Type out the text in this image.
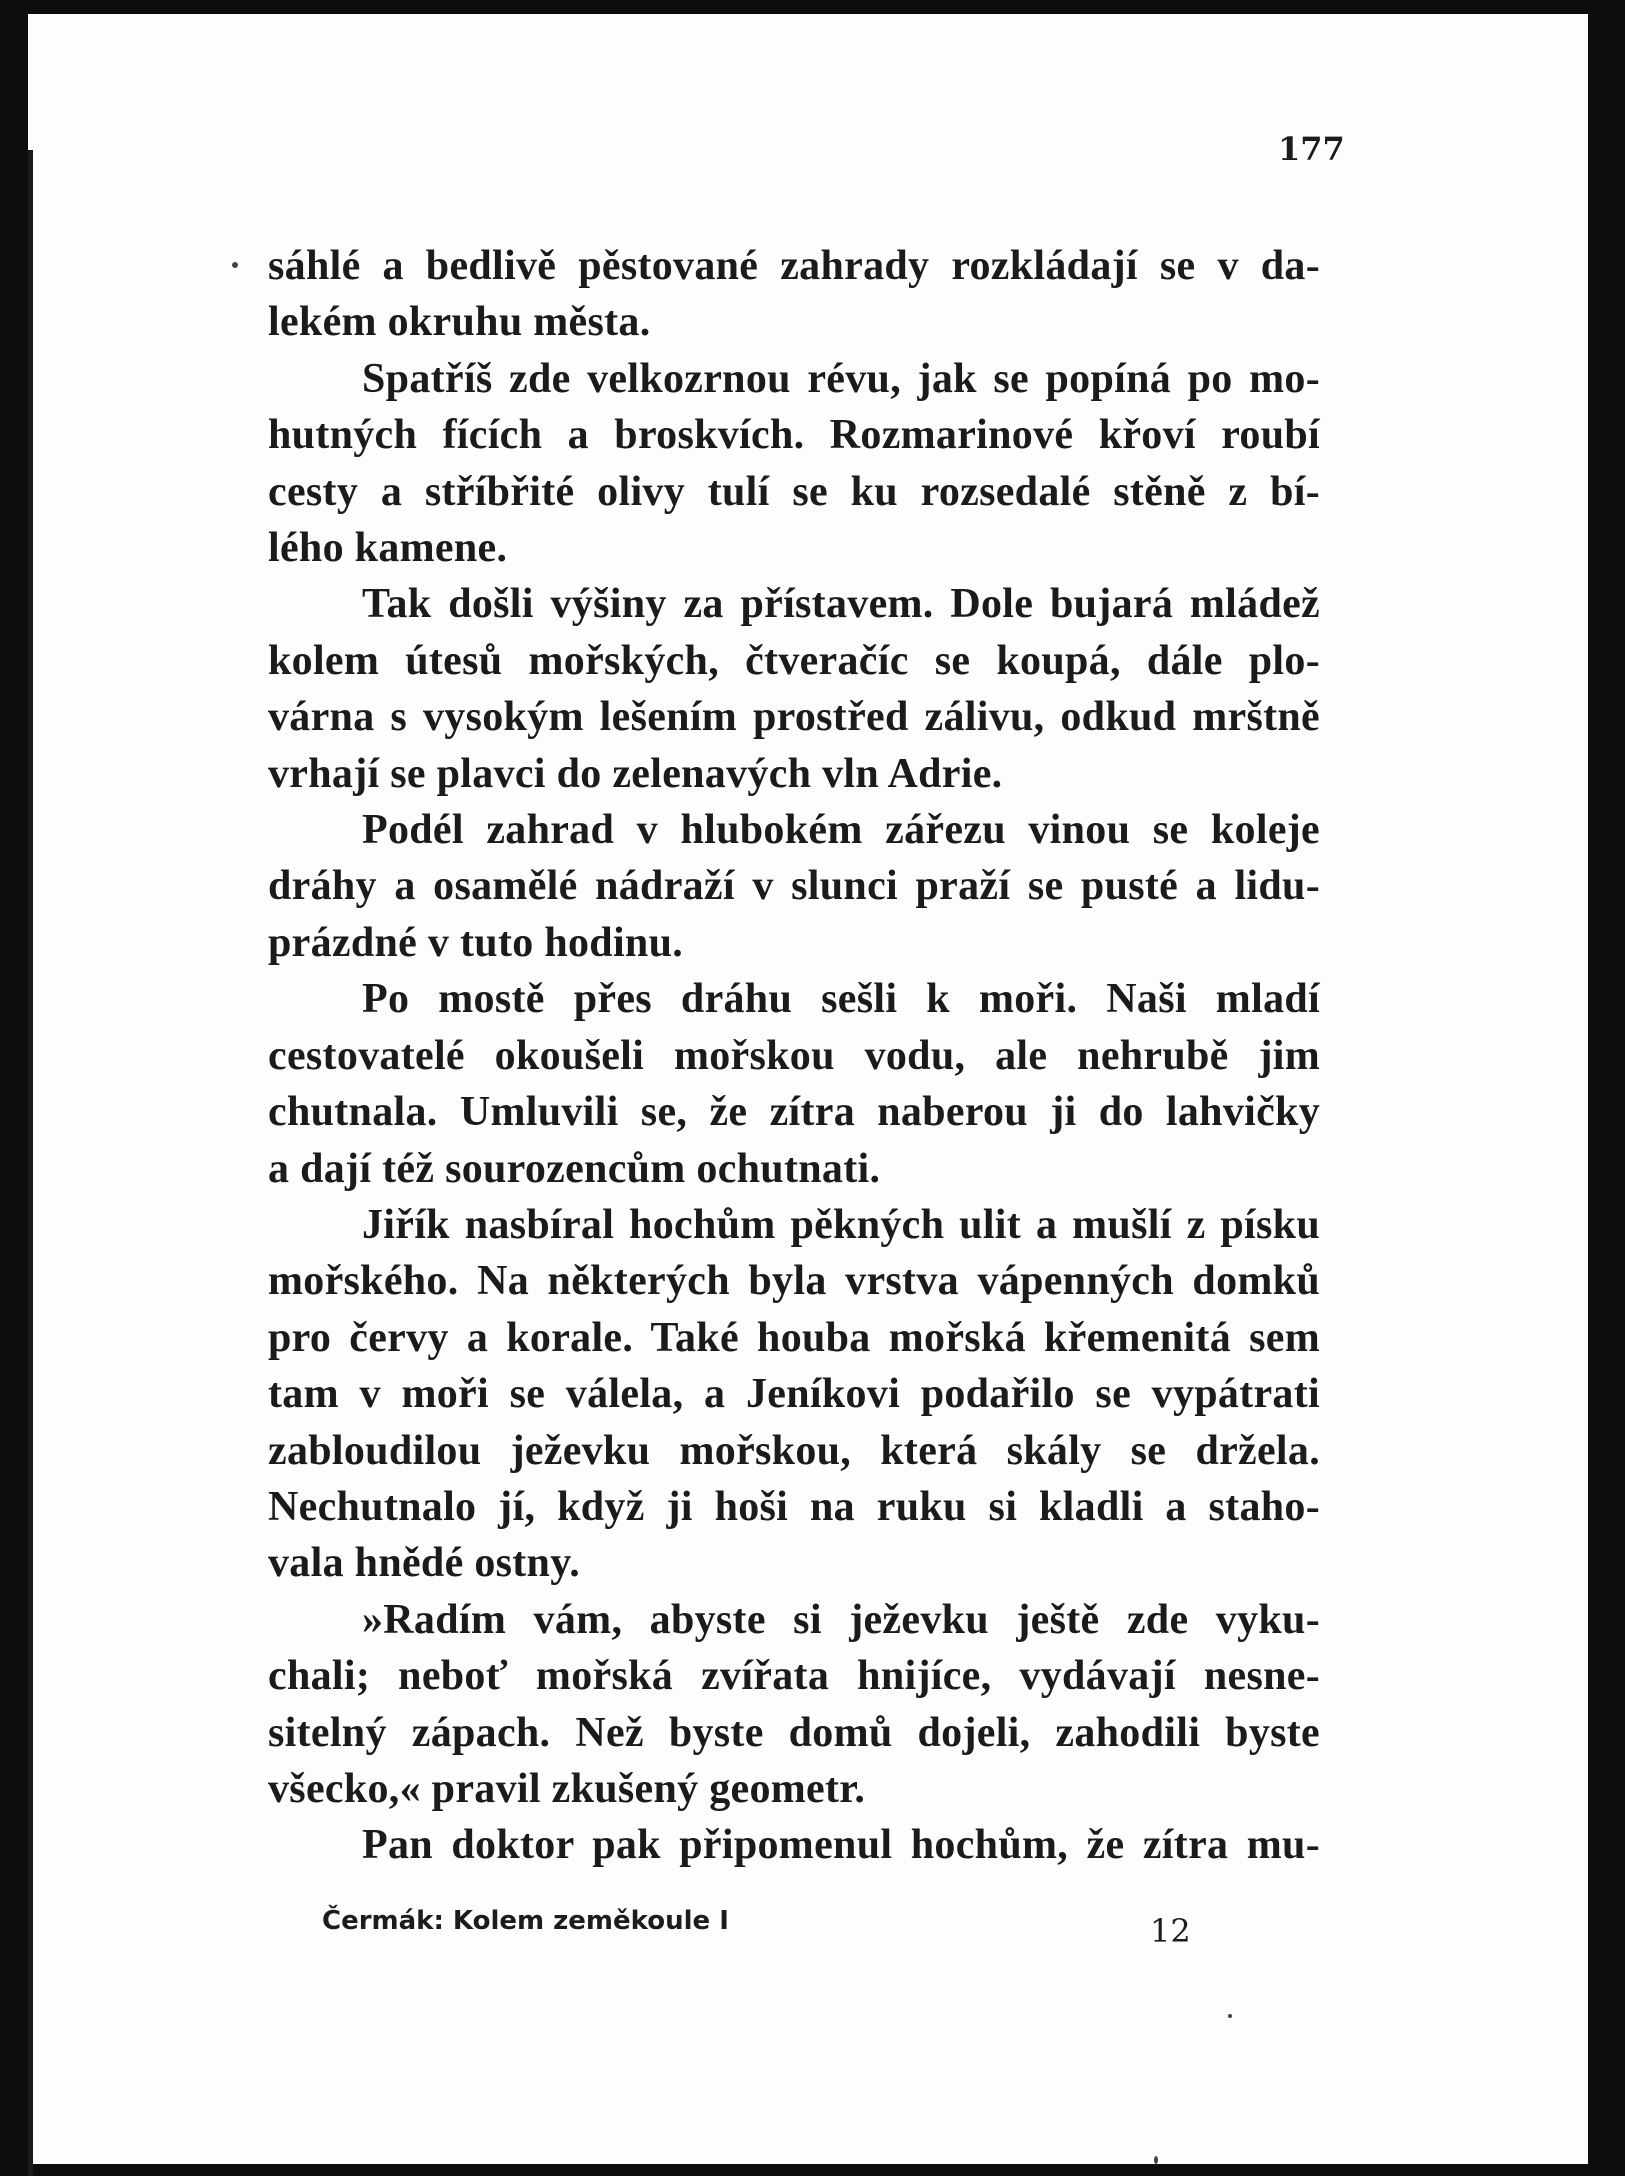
177
sáhlé a bedlivě pěstované zahrady rozkládají se v da-
lekém okruhu města.
Spatříš zde velkozrnou révu, jak se popíná po mo-
hutných fících a broskvích. Rozmarinové křoví roubí
cesty a stříbřité olivy tulí se ku rozsedalé stěně z bí-
lého kamene.
Tak došli výšiny za přístavem. Dole bujará mládež
kolem útesů mořských, čtveračíc se koupá, dále plo-
várna s vysokým lešením prostřed zálivu, odkud mrštně
vrhají se plavci do zelenavých vln Adrie.
Podél zahrad v hlubokém zářezu vinou se koleje
dráhy a osamělé nádraží v slunci praží se pusté a lidu-
prázdné v tuto hodinu.
Po mostě přes dráhu sešli k moři. Naši mladí
cestovatelé okoušeli mořskou vodu, ale nehrubě jim
chutnala. Umluvili se, že zítra naberou ji do lahvičky
a dají též sourozencům ochutnati.
Jiřík nasbíral hochům pěkných ulit a mušlí z písku
mořského. Na některých byla vrstva vápenných domků
pro červy a korale. Také houba mořská křemenitá sem
tam v moři se válela, a Jeníkovi podařilo se vypátrati
zabloudilou ježevku mořskou, která skály se držela.
Nechutnalo jí, když ji hoši na ruku si kladli a staho-
vala hnědé ostny.
»Radím vám, abyste si ježevku ještě zde vyku-
chali; neboť mořská zvířata hnijíce, vydávají nesne-
sitelný zápach. Než byste domů dojeli, zahodili byste
všecko,« pravil zkušený geometr.
Pan doktor pak připomenul hochům, že zítra mu-
Čermák: Kolem zeměkoule I	12
